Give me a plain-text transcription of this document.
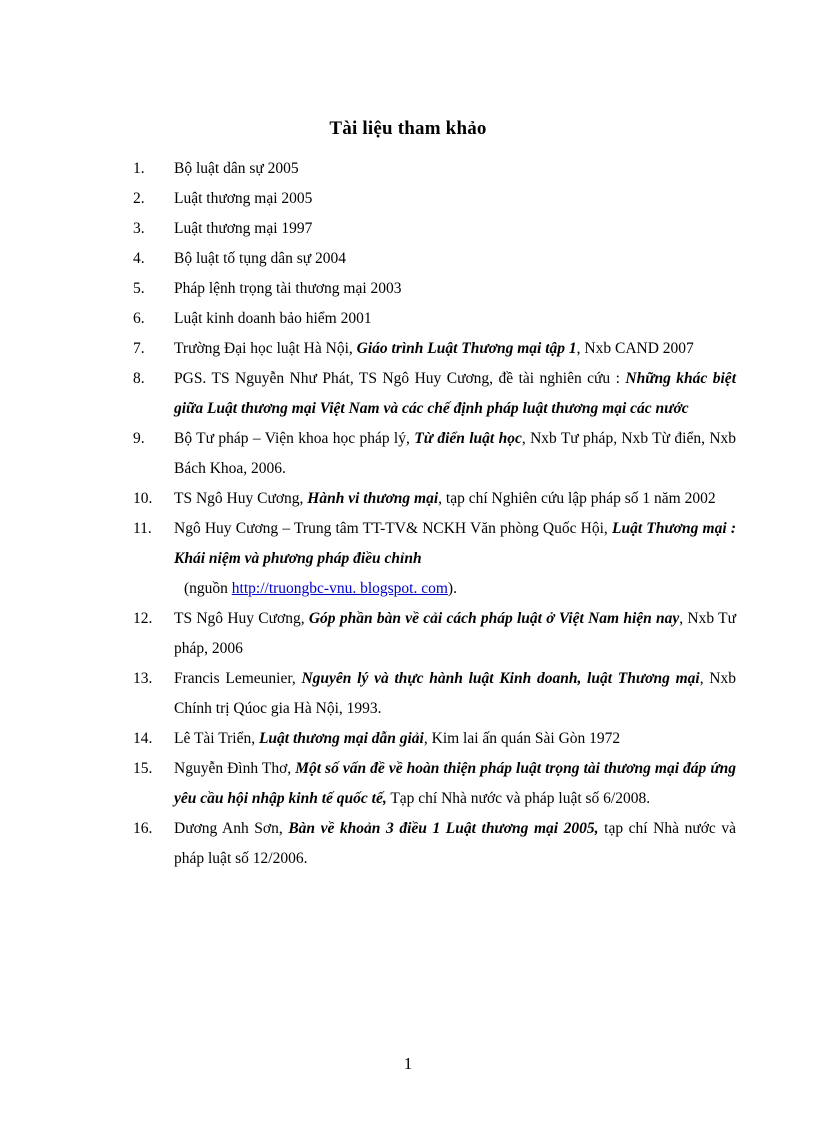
Tài liệu tham khảo
1.	Bộ luật dân sự 2005
2.	Luật thương mại 2005
3.	Luật thương mại 1997
4.	Bộ luật tố tụng dân sự 2004
5.	Pháp lệnh trọng tài thương mại 2003
6.	Luật kinh doanh bảo hiểm 2001
7.	Trường Đại học luật Hà Nội, Giáo trình Luật Thương mại tập 1, Nxb CAND 2007
8.	PGS. TS Nguyễn Như Phát, TS Ngô Huy Cương, đề tài nghiên cứu : Những khác biệt giữa Luật thương mại Việt Nam và các chế định pháp luật thương mại các nước
9.	Bộ Tư pháp – Viện khoa học pháp lý, Từ điển luật học, Nxb Tư pháp, Nxb Từ điển, Nxb Bách Khoa, 2006.
10.	TS Ngô Huy Cương, Hành vi thương mại, tạp chí Nghiên cứu lập pháp số 1 năm 2002
11.	Ngô Huy Cương – Trung tâm TT-TV& NCKH Văn phòng Quốc Hội, Luật Thương mại : Khái niệm và phương pháp điều chỉnh
(nguồn http://truongbc-vnu. blogspot. com).
12.	TS Ngô Huy Cương, Góp phần bàn về cải cách pháp luật ở Việt Nam hiện nay, Nxb Tư pháp, 2006
13.	Francis Lemeunier, Nguyên lý và thực hành luật Kinh doanh, luật Thương mại, Nxb Chính trị Qúoc gia Hà Nội, 1993.
14.	Lê Tài Triển, Luật thương mại dẫn giải, Kim lai ấn quán Sài Gòn 1972
15.	Nguyễn Đình Thơ, Một số vấn đề về hoàn thiện pháp luật trọng tài thương mại đáp ứng yêu cầu hội nhập kinh tế quốc tế, Tạp chí Nhà nước và pháp luật số 6/2008.
16.	Dương Anh Sơn, Bàn về khoản 3 điều 1 Luật thương mại 2005, tạp chí Nhà nước và pháp luật số 12/2006.
1
